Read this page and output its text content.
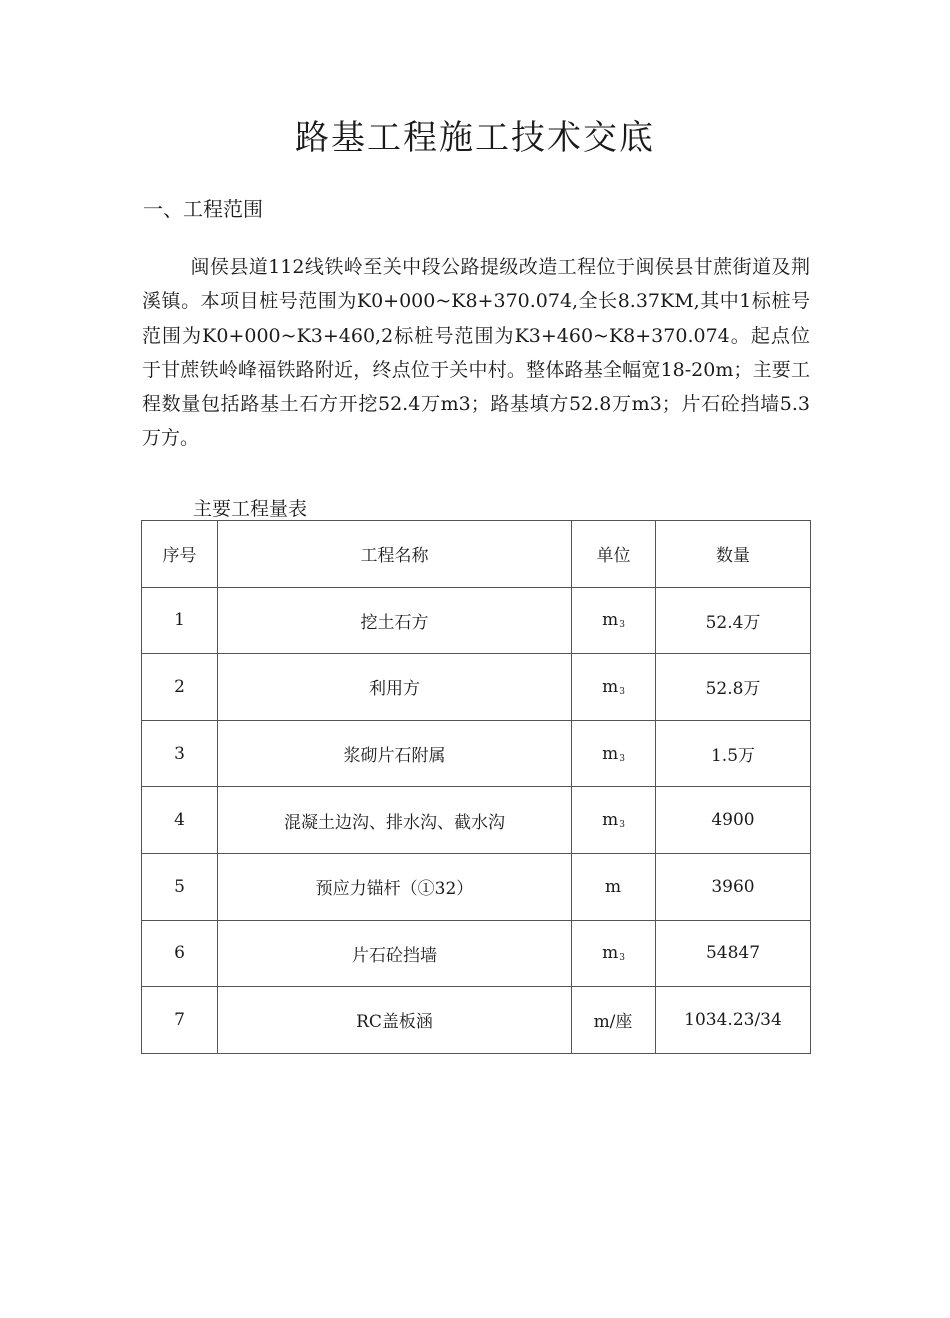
路基工程施工技术交底
一、工程范围
闽侯县道112线铁岭至关中段公路提级改造工程位于闽侯县甘蔗街道及荆溪镇。本项目桩号范围为K0+000~K8+370.074,全长8.37KM,其中1标桩号范围为K0+000~K3+460,2标桩号范围为K3+460~K8+370.074。起点位于甘蔗铁岭峰福铁路附近，终点位于关中村。整体路基全幅宽18-20m；主要工程数量包括路基土石方开挖52.4万m3；路基填方52.8万m3；片石砼挡墙5.3万方。
主要工程量表
序号	工程名称	单位	数量
1	挖土石方	$m_3$	52.4万
2	利用方	$m_3$	52.8万
3	浆砌片石附属	$m_3$	1.5万
4	混凝土边沟、排水沟、截水沟	$m_3$	4900
5	预应力锚杆（①32）	m	3960
6	片石砼挡墙	$m_3$	54847
7	RC盖板涵	m/座	1034.23/34
